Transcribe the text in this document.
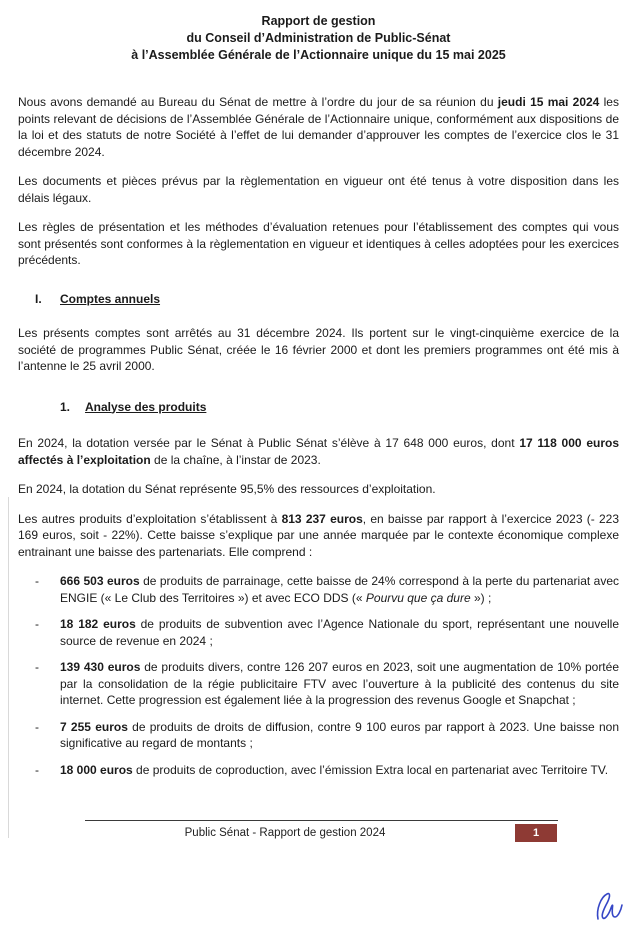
Rapport de gestion
du Conseil d’Administration de Public-Sénat
à l’Assemblée Générale de l’Actionnaire unique du 15 mai 2025

Nous avons demandé au Bureau du Sénat de mettre à l’ordre du jour de sa réunion du jeudi 15 mai 2024 les points relevant de décisions de l’Assemblée Générale de l’Actionnaire unique, conformément aux dispositions de la loi et des statuts de notre Société à l’effet de lui demander d’approuver les comptes de l’exercice clos le 31 décembre 2024.

Les documents et pièces prévus par la règlementation en vigueur ont été tenus à votre disposition dans les délais légaux.

Les règles de présentation et les méthodes d’évaluation retenues pour l’établissement des comptes qui vous sont présentés sont conformes à la règlementation en vigueur et identiques à celles adoptées pour les exercices précédents.

I.	Comptes annuels

Les présents comptes sont arrêtés au 31 décembre 2024. Ils portent sur le vingt-cinquième exercice de la société de programmes Public Sénat, créée le 16 février 2000 et dont les premiers programmes ont été mis à l’antenne le 25 avril 2000.

1.	Analyse des produits

En 2024, la dotation versée par le Sénat à Public Sénat s’élève à 17 648 000 euros, dont 17 118 000 euros affectés à l’exploitation de la chaîne, à l’instar de 2023.

En 2024, la dotation du Sénat représente 95,5% des ressources d’exploitation.

Les autres produits d’exploitation s’établissent à 813 237 euros, en baisse par rapport à l’exercice 2023 (- 223 169 euros, soit - 22%). Cette baisse s’explique par une année marquée par le contexte économique complexe entrainant une baisse des partenariats. Elle comprend :

-	666 503 euros de produits de parrainage, cette baisse de 24% correspond à la perte du partenariat avec ENGIE (« Le Club des Territoires ») et avec ECO DDS (« Pourvu que ça dure ») ;
-	18 182 euros de produits de subvention avec l’Agence Nationale du sport, représentant une nouvelle source de revenue en 2024 ;
-	139 430 euros de produits divers, contre 126 207 euros en 2023, soit une augmentation de 10% portée par la consolidation de la régie publicitaire FTV avec l’ouverture à la publicité des contenus du site internet. Cette progression est également liée à la progression des revenus Google et Snapchat ;
-	7 255 euros de produits de droits de diffusion, contre 9 100 euros par rapport à 2023. Une baisse non significative au regard de montants ;
-	18 000 euros de produits de coproduction, avec l’émission Extra local en partenariat avec Territoire TV.
Public Sénat - Rapport de gestion 2024	1
